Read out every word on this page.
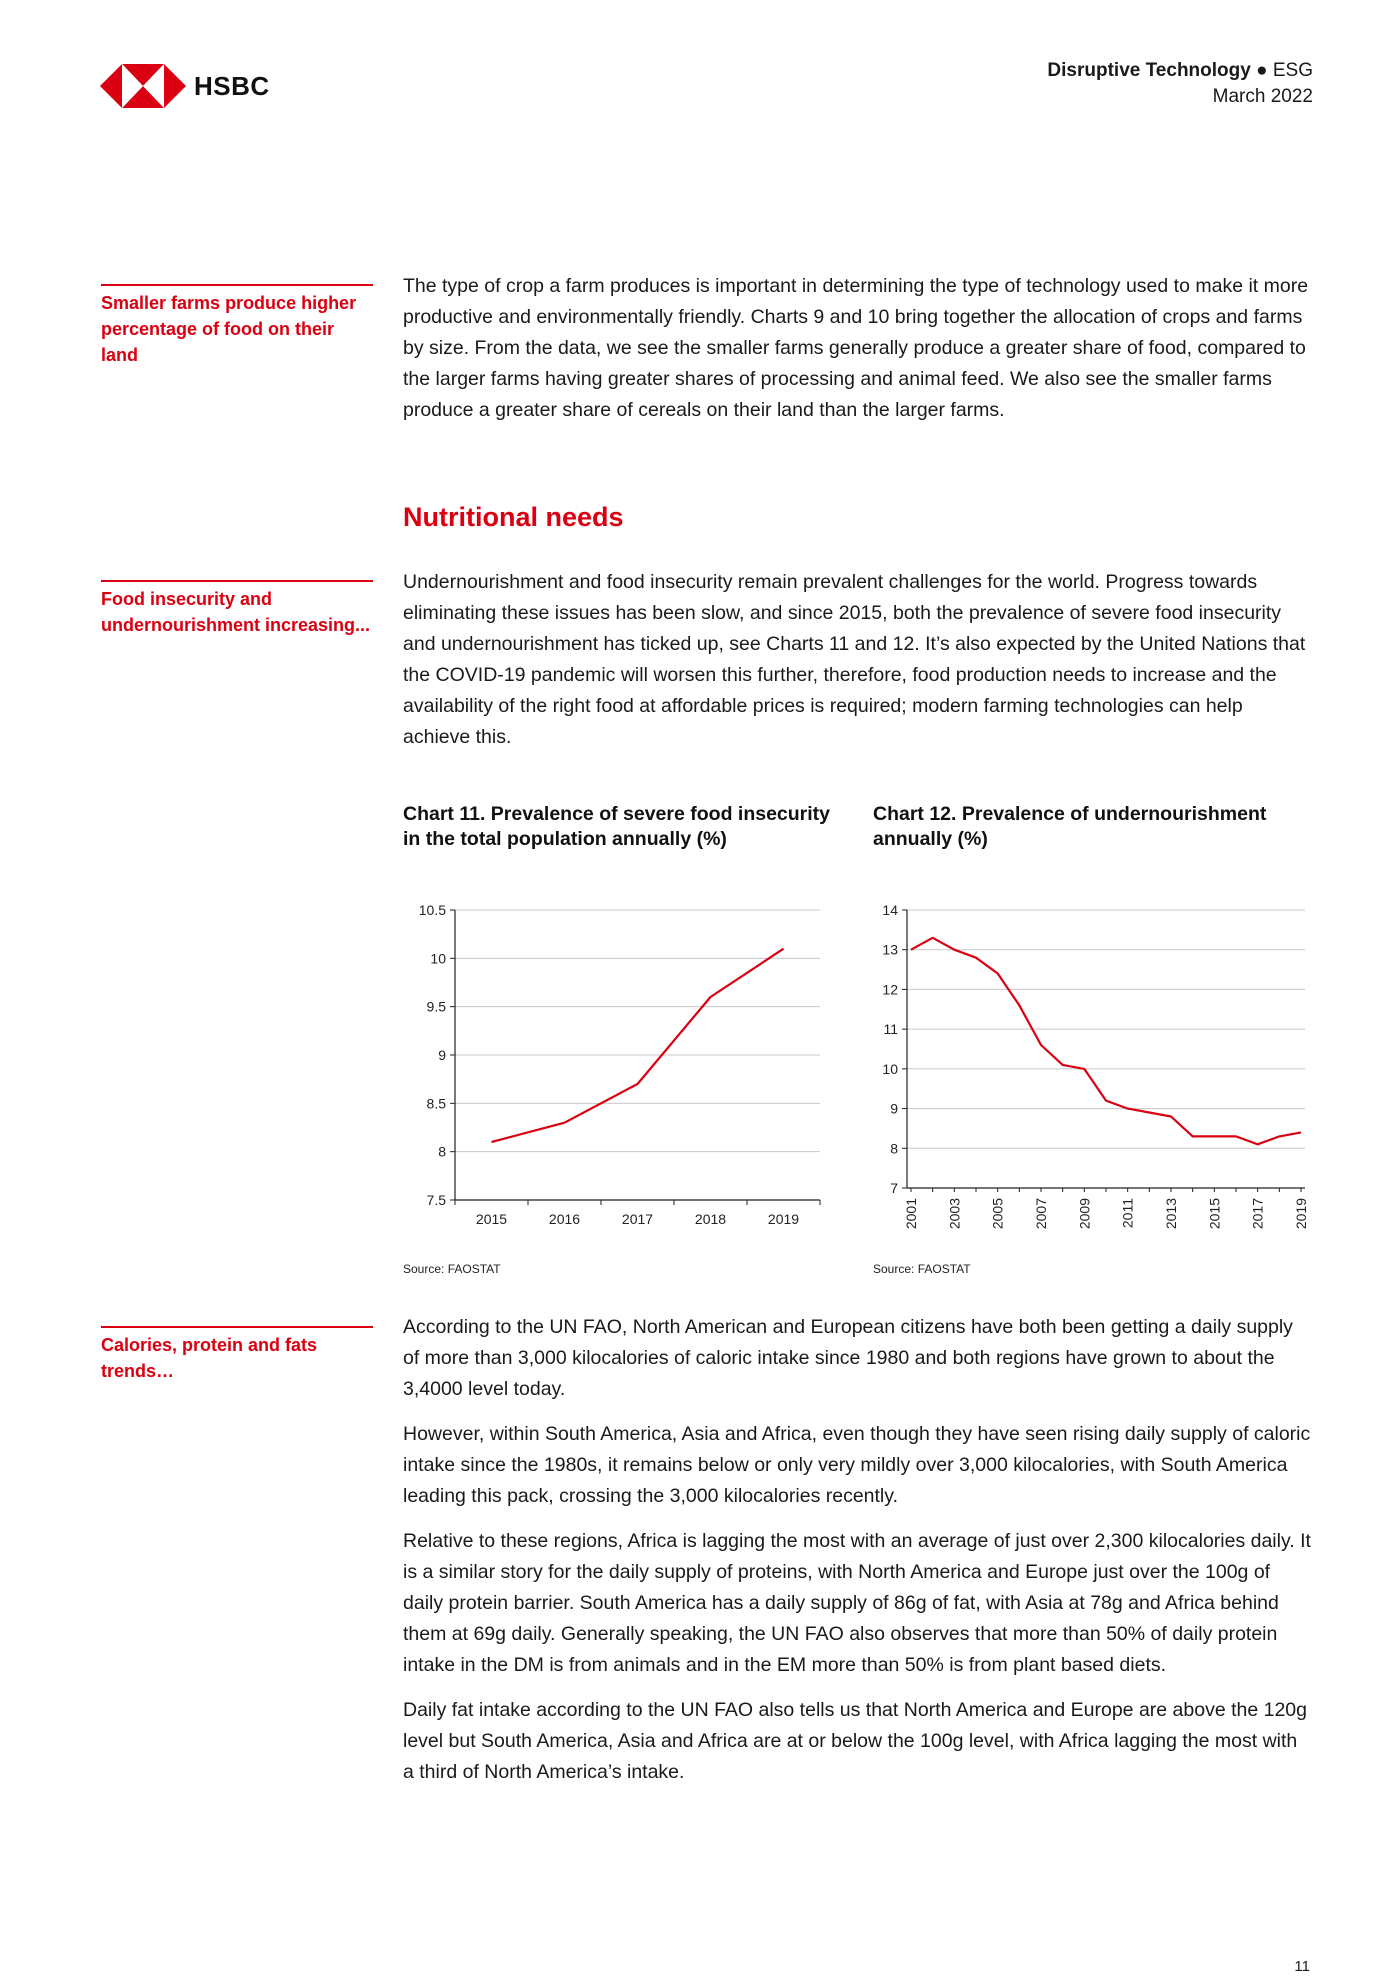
HSBC
Disruptive Technology ● ESG
March 2022
Smaller farms produce higher percentage of food on their land
The type of crop a farm produces is important in determining the type of technology used to make it more productive and environmentally friendly. Charts 9 and 10 bring together the allocation of crops and farms by size. From the data, we see the smaller farms generally produce a greater share of food, compared to the larger farms having greater shares of processing and animal feed. We also see the smaller farms produce a greater share of cereals on their land than the larger farms.
Nutritional needs
Food insecurity and undernourishment increasing...
Undernourishment and food insecurity remain prevalent challenges for the world. Progress towards eliminating these issues has been slow, and since 2015, both the prevalence of severe food insecurity and undernourishment has ticked up, see Charts 11 and 12. It’s also expected by the United Nations that the COVID-19 pandemic will worsen this further, therefore, food production needs to increase and the availability of the right food at affordable prices is required; modern farming technologies can help achieve this.
Chart 11. Prevalence of severe food insecurity in the total population annually (%)
7.5
8
8.5
9
9.5
10
10.5
2015	2016	2017	2018	2019
Source: FAOSTAT
Chart 12. Prevalence of undernourishment annually (%)
7
8
9
10
11
12
13
14
2001 2003 2005 2007 2009 2011 2013 2015 2017 2019
Source: FAOSTAT
Calories, protein and fats trends…

According to the UN FAO, North American and European citizens have both been getting a daily supply of more than 3,000 kilocalories of caloric intake since 1980 and both regions have grown to about the 3,4000 level today.

However, within South America, Asia and Africa, even though they have seen rising daily supply of caloric intake since the 1980s, it remains below or only very mildly over 3,000 kilocalories, with South America leading this pack, crossing the 3,000 kilocalories recently.

Relative to these regions, Africa is lagging the most with an average of just over 2,300 kilocalories daily. It is a similar story for the daily supply of proteins, with North America and Europe just over the 100g of daily protein barrier. South America has a daily supply of 86g of fat, with Asia at 78g and Africa behind them at 69g daily. Generally speaking, the UN FAO also observes that more than 50% of daily protein intake in the DM is from animals and in the EM more than 50% is from plant based diets.

Daily fat intake according to the UN FAO also tells us that North America and Europe are above the 120g level but South America, Asia and Africa are at or below the 100g level, with Africa lagging the most with a third of North America’s intake.

11
